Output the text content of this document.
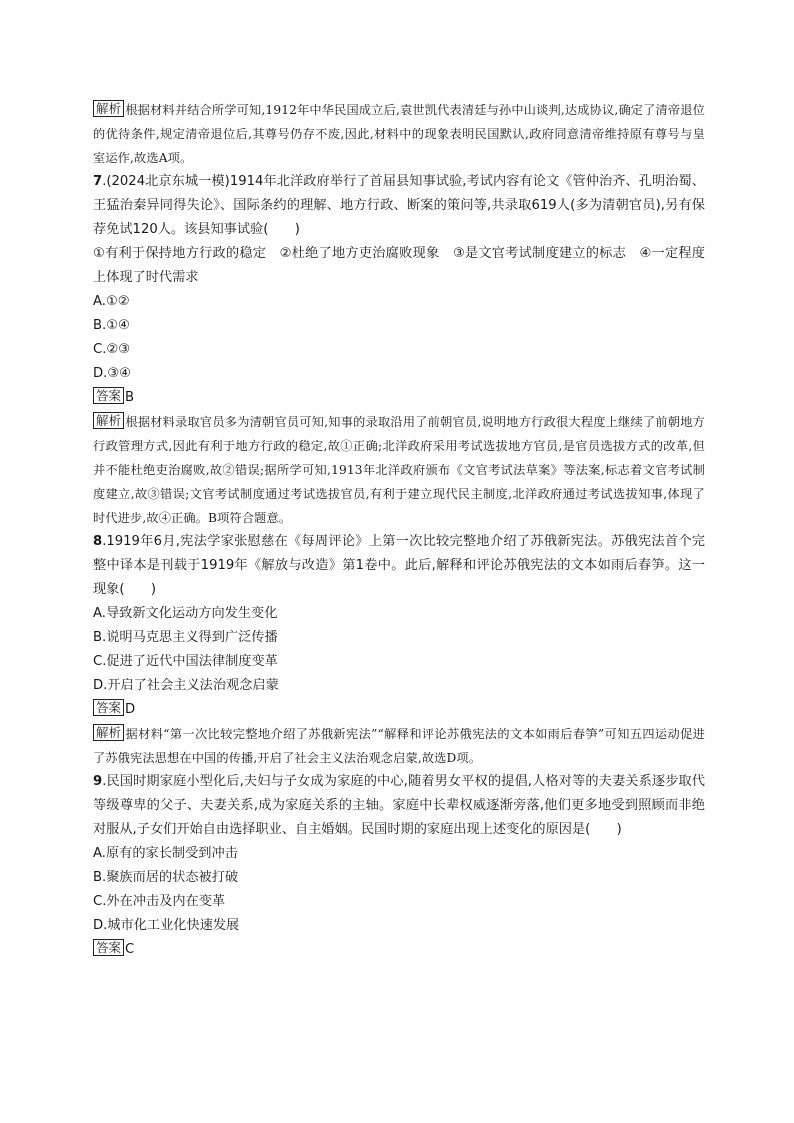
解析 根据材料并结合所学可知,1912年中华民国成立后,袁世凯代表清廷与孙中山谈判,达成协议,确定了清帝退位的优待条件,规定清帝退位后,其尊号仍存不废,因此,材料中的现象表明民国默认,政府同意清帝维持原有尊号与皇室运作,故选A项。

7.(2024北京东城一模)1914年北洋政府举行了首届县知事试验,考试内容有论文《管仲治齐、孔明治蜀、王猛治秦异同得失论》、国际条约的理解、地方行政、断案的策问等,共录取619人(多为清朝官员),另有保荐免试120人。该县知事试验(　　)

①有利于保持地方行政的稳定　②杜绝了地方吏治腐败现象　③是文官考试制度建立的标志　④一定程度上体现了时代需求

A.①②
B.①④
C.②③
D.③④
答案 B

解析 根据材料录取官员多为清朝官员可知,知事的录取沿用了前朝官员,说明地方行政很大程度上继续了前朝地方行政管理方式,因此有利于地方行政的稳定,故①正确;北洋政府采用考试选拔地方官员,是官员选拔方式的改革,但并不能杜绝吏治腐败,故②错误;据所学可知,1913年北洋政府颁布《文官考试法草案》等法案,标志着文官考试制度建立,故③错误;文官考试制度通过考试选拔官员,有利于建立现代民主制度,北洋政府通过考试选拔知事,体现了时代进步,故④正确。B项符合题意。

8.1919年6月,宪法学家张慰慈在《每周评论》上第一次比较完整地介绍了苏俄新宪法。苏俄宪法首个完整中译本是刊载于1919年《解放与改造》第1卷中。此后,解释和评论苏俄宪法的文本如雨后春笋。这一现象(　　)

A.导致新文化运动方向发生变化
B.说明马克思主义得到广泛传播
C.促进了近代中国法律制度变革
D.开启了社会主义法治观念启蒙
答案 D

解析 据材料“第一次比较完整地介绍了苏俄新宪法”“解释和评论苏俄宪法的文本如雨后春笋”可知五四运动促进了苏俄宪法思想在中国的传播,开启了社会主义法治观念启蒙,故选D项。

9.民国时期家庭小型化后,夫妇与子女成为家庭的中心,随着男女平权的提倡,人格对等的夫妻关系逐步取代等级尊卑的父子、夫妻关系,成为家庭关系的主轴。家庭中长辈权威逐渐旁落,他们更多地受到照顾而非绝对服从,子女们开始自由选择职业、自主婚姻。民国时期的家庭出现上述变化的原因是(　　)

A.原有的家长制受到冲击
B.聚族而居的状态被打破
C.外在冲击及内在变革
D.城市化工业化快速发展
答案 C
